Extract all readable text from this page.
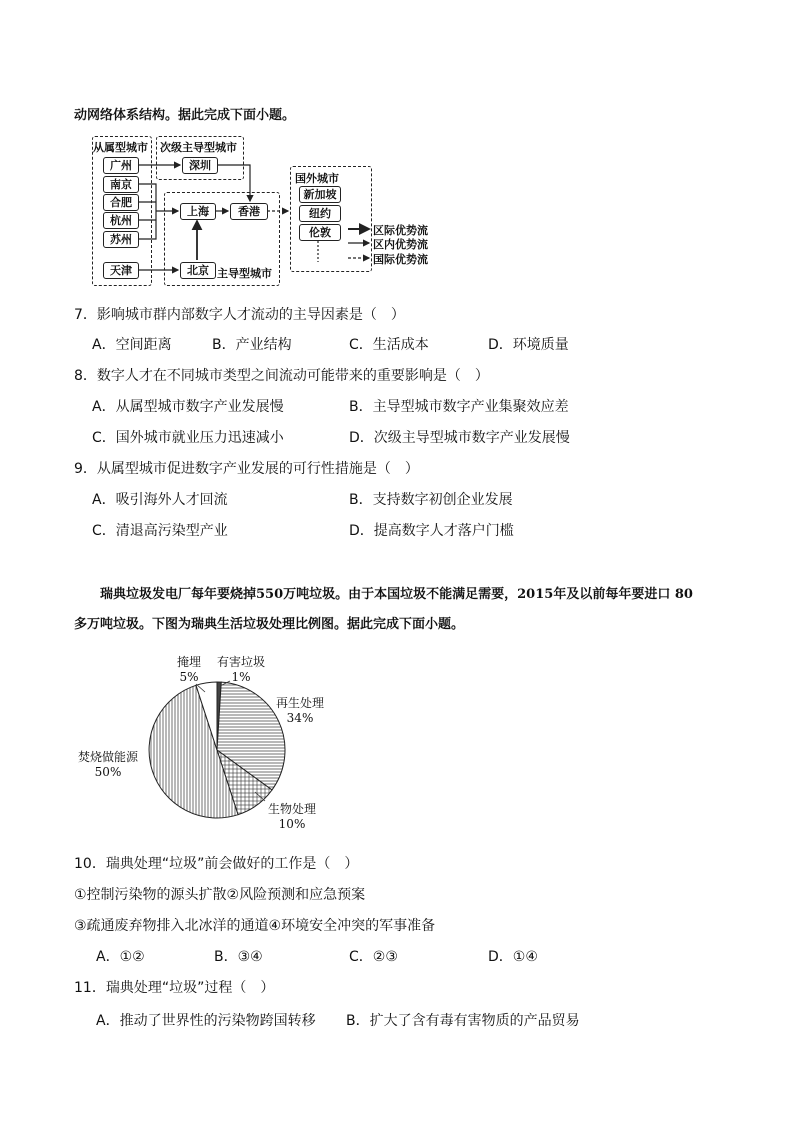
动网络体系结构。据此完成下面小题。
从属型城市 次级主导型城市
主导型城市
国外城市
广州
南京
合肥
杭州
苏州
天津
深圳
上海	香港
北京
新加坡
纽约
伦敦	区际优势流
区内优势流
国际优势流
7．影响城市群内部数字人才流动的主导因素是（　）
A．空间距离	B．产业结构	C．生活成本	D．环境质量
8．数字人才在不同城市类型之间流动可能带来的重要影响是（　）
A．从属型城市数字产业发展慢	B．主导型城市数字产业集聚效应差
C．国外城市就业压力迅速减小	D．次级主导型城市数字产业发展慢
9．从属型城市促进数字产业发展的可行性措施是（　）
A．吸引海外人才回流	B．支持数字初创企业发展
C．清退高污染型产业	D．提高数字人才落户门槛
瑞典垃圾发电厂每年要烧掉550万吨垃圾。由于本国垃圾不能满足需要，2015年及以前每年要进口 80
多万吨垃圾。下图为瑞典生活垃圾处理比例图。据此完成下面小题。
掩埋
5%
有害垃圾
1%
再生处理
34%
焚烧做能源
50%
生物处理
10%
10．瑞典处理“垃圾”前会做好的工作是（　）
①控制污染物的源头扩散②风险预测和应急预案
③疏通废弃物排入北冰洋的通道④环境安全冲突的军事准备
A．①②	B．③④	C．②③	D．①④
11．瑞典处理“垃圾”过程（　）
A．推动了世界性的污染物跨国转移 B．扩大了含有毒有害物质的产品贸易
